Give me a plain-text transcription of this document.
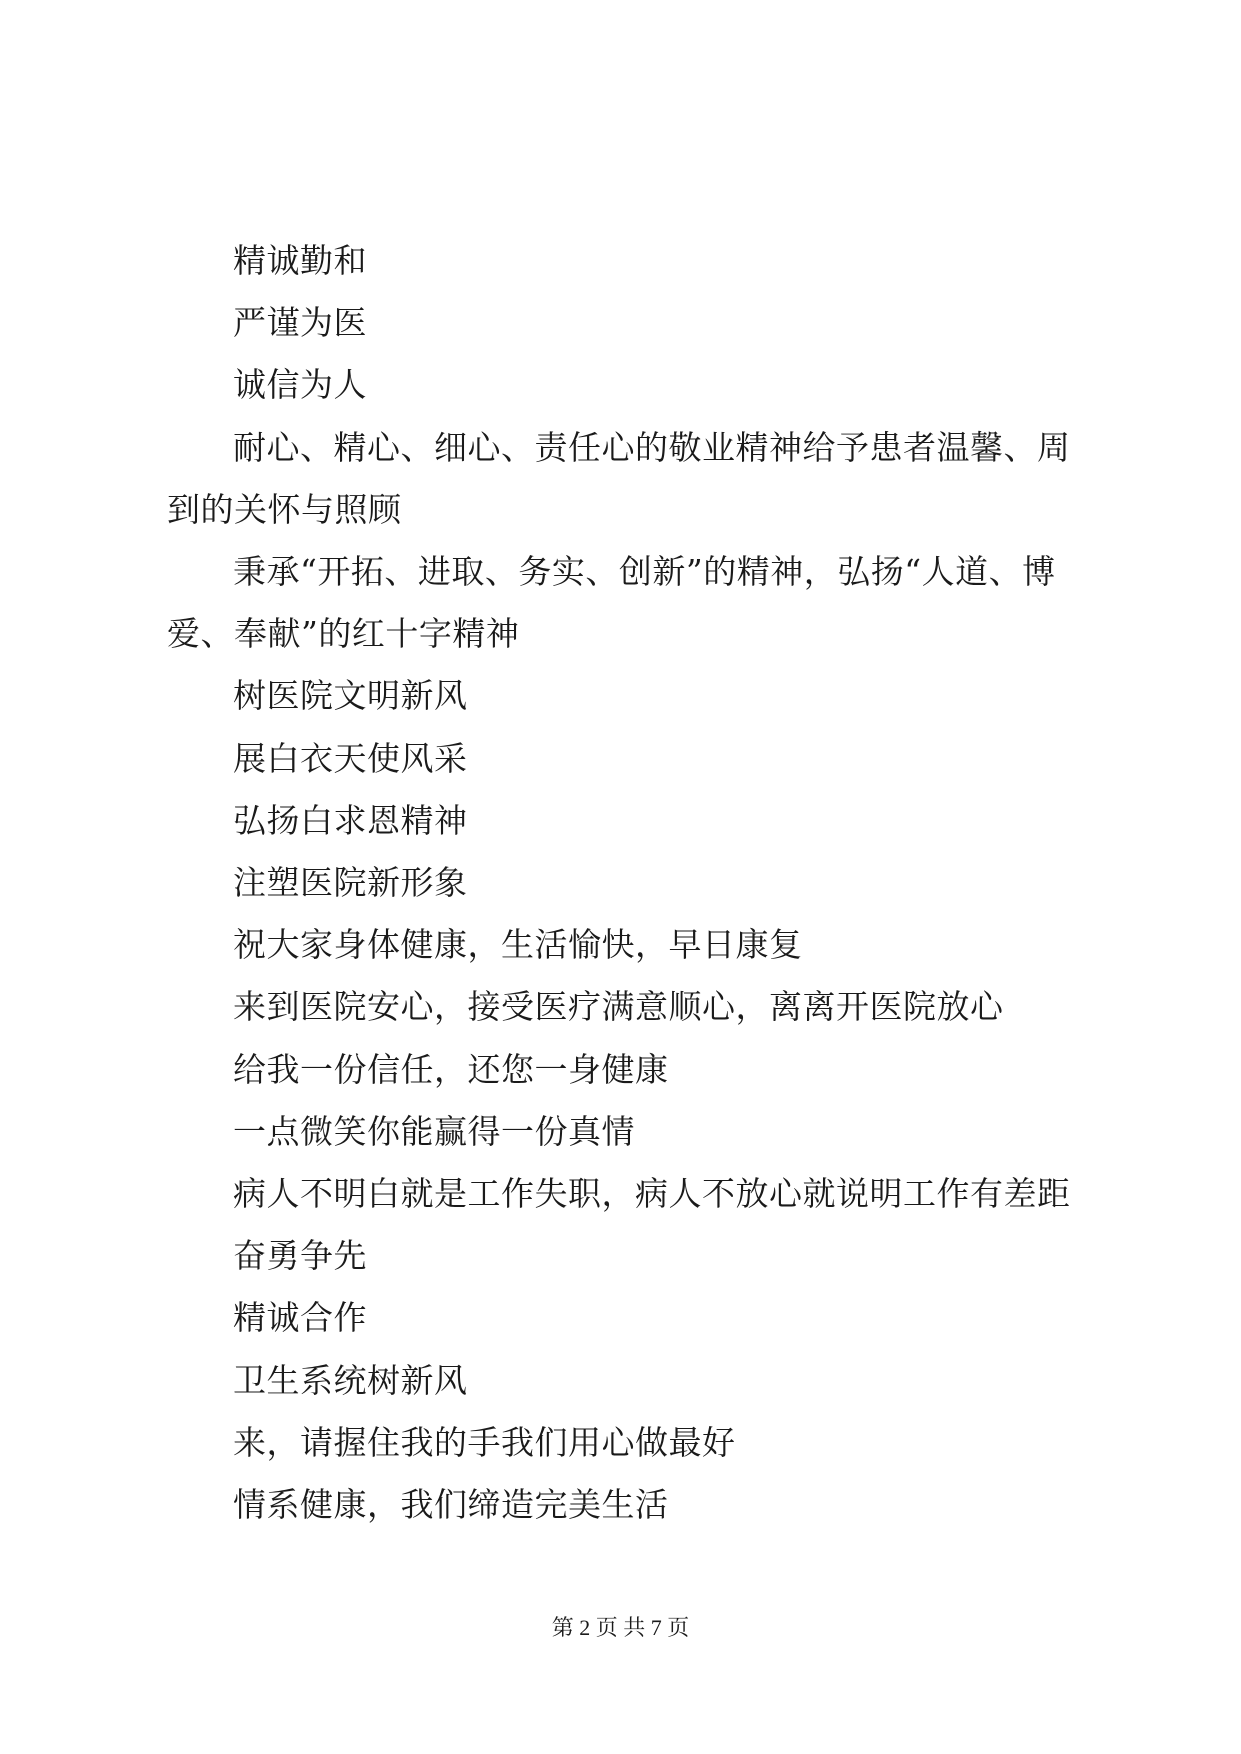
精诚勤和

严谨为医

诚信为人

耐心、精心、细心、责任心的敬业精神给予患者温馨、周到的关怀与照顾

秉承“开拓、进取、务实、创新”的精神，弘扬“人道、博爱、奉献”的红十字精神

树医院文明新风

展白衣天使风采

弘扬白求恩精神

注塑医院新形象

祝大家身体健康，生活愉快，早日康复

来到医院安心，接受医疗满意顺心，离离开医院放心

给我一份信任，还您一身健康

一点微笑你能赢得一份真情

病人不明白就是工作失职，病人不放心就说明工作有差距

奋勇争先

精诚合作

卫生系统树新风

来，请握住我的手我们用心做最好

情系健康，我们缔造完美生活

第 2 页 共 7 页
